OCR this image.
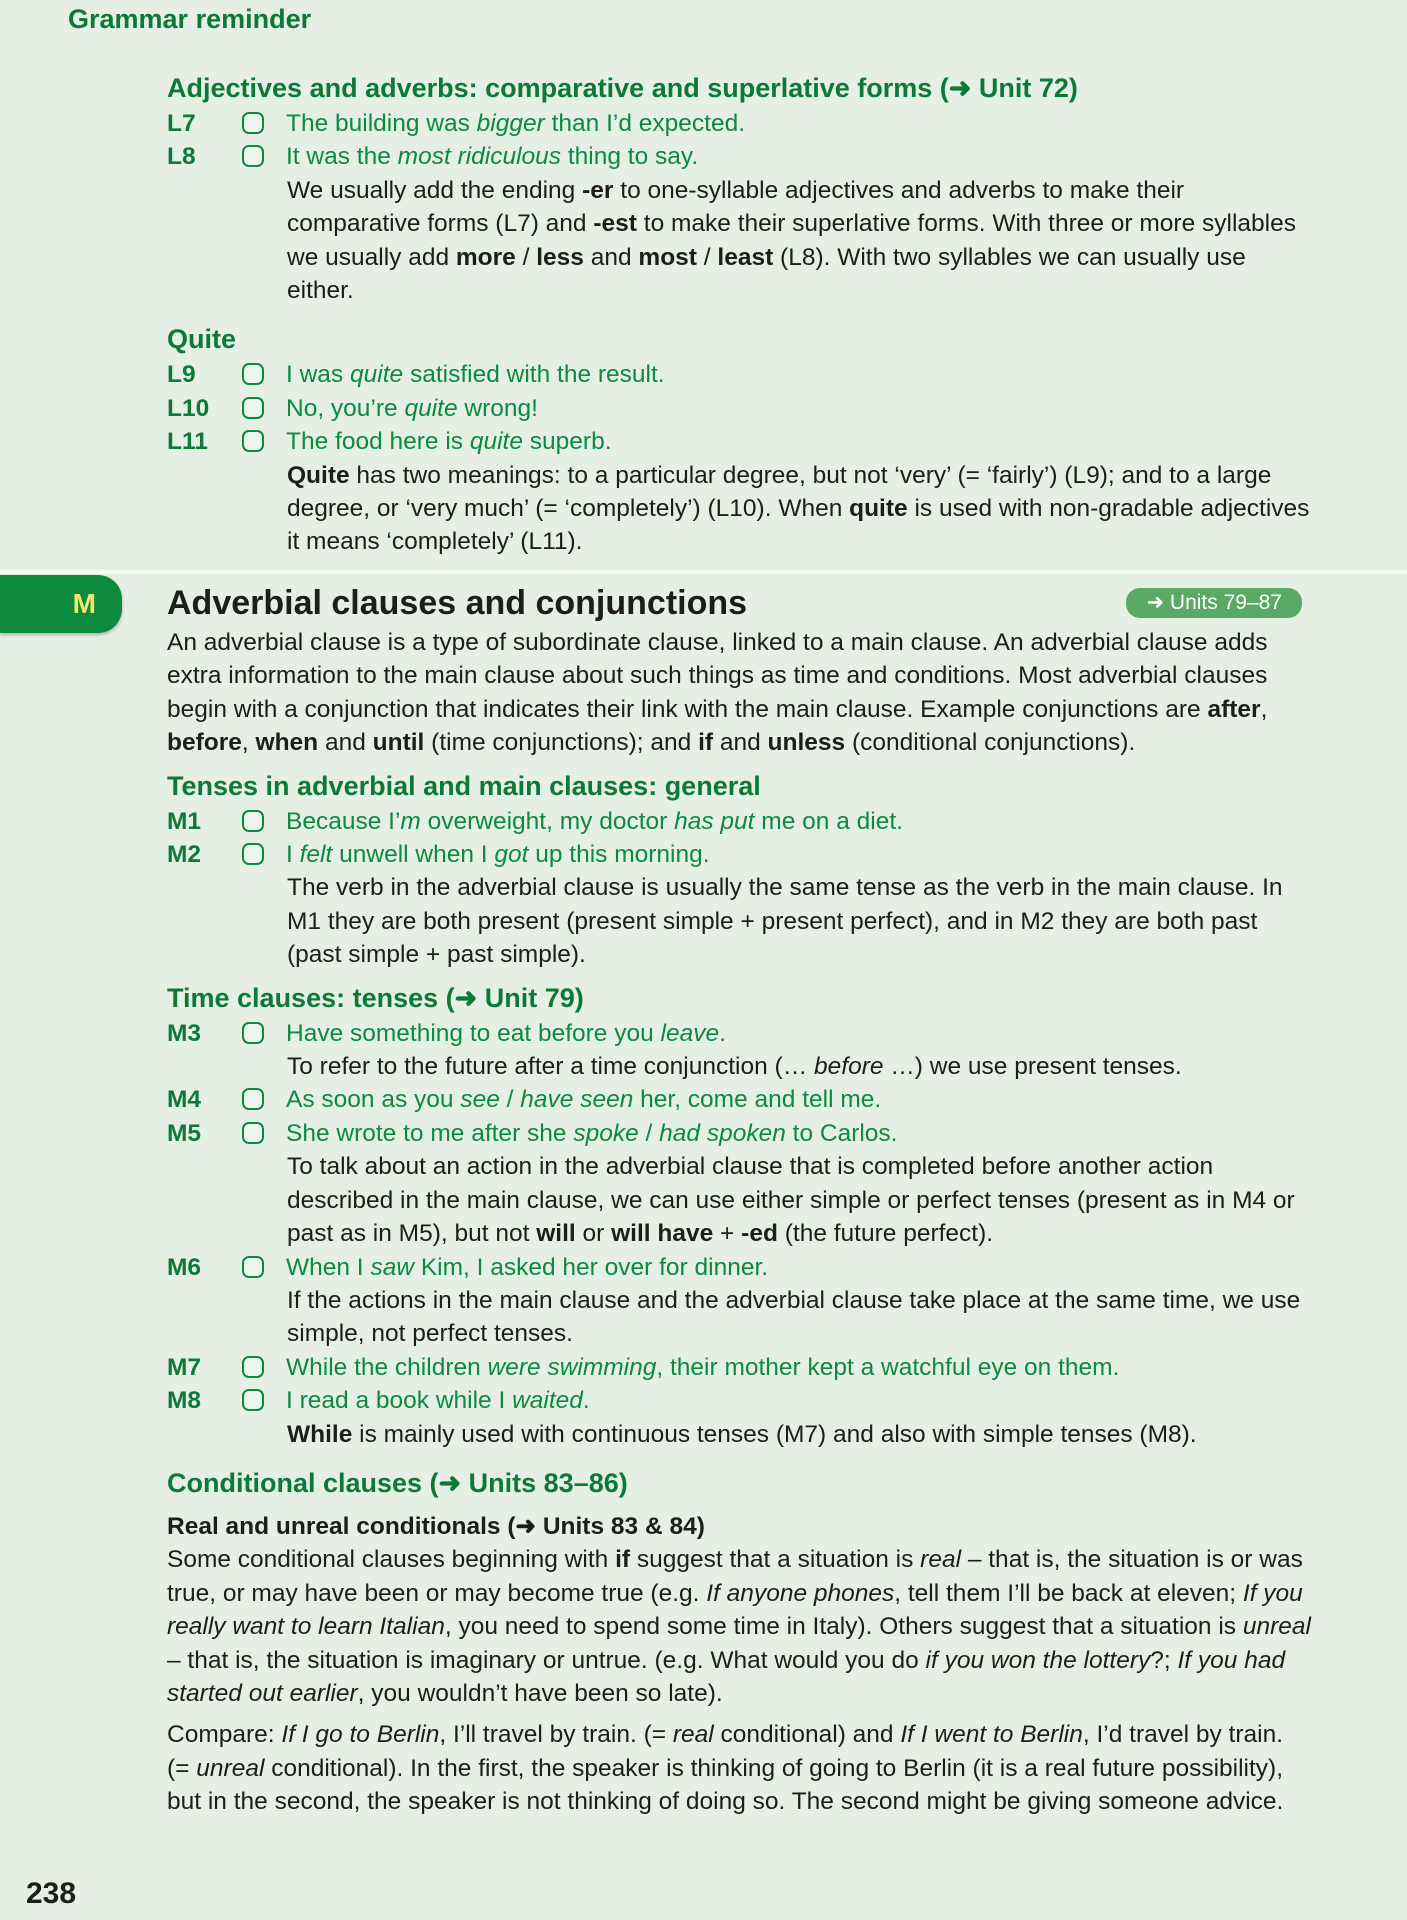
Grammar reminder
Adjectives and adverbs: comparative and superlative forms (➜ Unit 72)
L7	The building was bigger than I’d expected.
L8	It was the most ridiculous thing to say.

We usually add the ending -er to one-syllable adjectives and adverbs to make their comparative forms (L7) and -est to make their superlative forms. With three or more syllables we usually add more / less and most / least (L8). With two syllables we can usually use either.

Quite
L9	I was quite satisfied with the result.
L10	No, you’re quite wrong!
L11	The food here is quite superb.

Quite has two meanings: to a particular degree, but not ‘very’ (= ‘fairly’) (L9); and to a large degree, or ‘very much’ (= ‘completely’) (L10). When quite is used with non-gradable adjectives it means ‘completely’ (L11).

M	Adverbial clauses and conjunctions	➜ Units 79–87

An adverbial clause is a type of subordinate clause, linked to a main clause. An adverbial clause adds extra information to the main clause about such things as time and conditions. Most adverbial clauses begin with a conjunction that indicates their link with the main clause. Example conjunctions are after, before, when and until (time conjunctions); and if and unless (conditional conjunctions).

Tenses in adverbial and main clauses: general
M1	Because I’m overweight, my doctor has put me on a diet.
M2	I felt unwell when I got up this morning.

The verb in the adverbial clause is usually the same tense as the verb in the main clause. In M1 they are both present (present simple + present perfect), and in M2 they are both past (past simple + past simple).

Time clauses: tenses (➜ Unit 79)
M3	Have something to eat before you leave.

To refer to the future after a time conjunction (… before …) we use present tenses.

M4	As soon as you see / have seen her, come and tell me.
M5	She wrote to me after she spoke / had spoken to Carlos.

To talk about an action in the adverbial clause that is completed before another action described in the main clause, we can use either simple or perfect tenses (present as in M4 or past as in M5), but not will or will have + -ed (the future perfect).

M6	When I saw Kim, I asked her over for dinner.

If the actions in the main clause and the adverbial clause take place at the same time, we use simple, not perfect tenses.

M7	While the children were swimming, their mother kept a watchful eye on them.
M8	I read a book while I waited.

While is mainly used with continuous tenses (M7) and also with simple tenses (M8).

Conditional clauses (➜ Units 83–86)
Real and unreal conditionals (➜ Units 83 & 84)

Some conditional clauses beginning with if suggest that a situation is real – that is, the situation is or was true, or may have been or may become true (e.g. If anyone phones, tell them I’ll be back at eleven; If you really want to learn Italian, you need to spend some time in Italy). Others suggest that a situation is unreal – that is, the situation is imaginary or untrue. (e.g. What would you do if you won the lottery?; If you had started out earlier, you wouldn’t have been so late).

Compare: If I go to Berlin, I’ll travel by train. (= real conditional) and If I went to Berlin, I’d travel by train. (= unreal conditional). In the first, the speaker is thinking of going to Berlin (it is a real future possibility), but in the second, the speaker is not thinking of doing so. The second might be giving someone advice.

238
